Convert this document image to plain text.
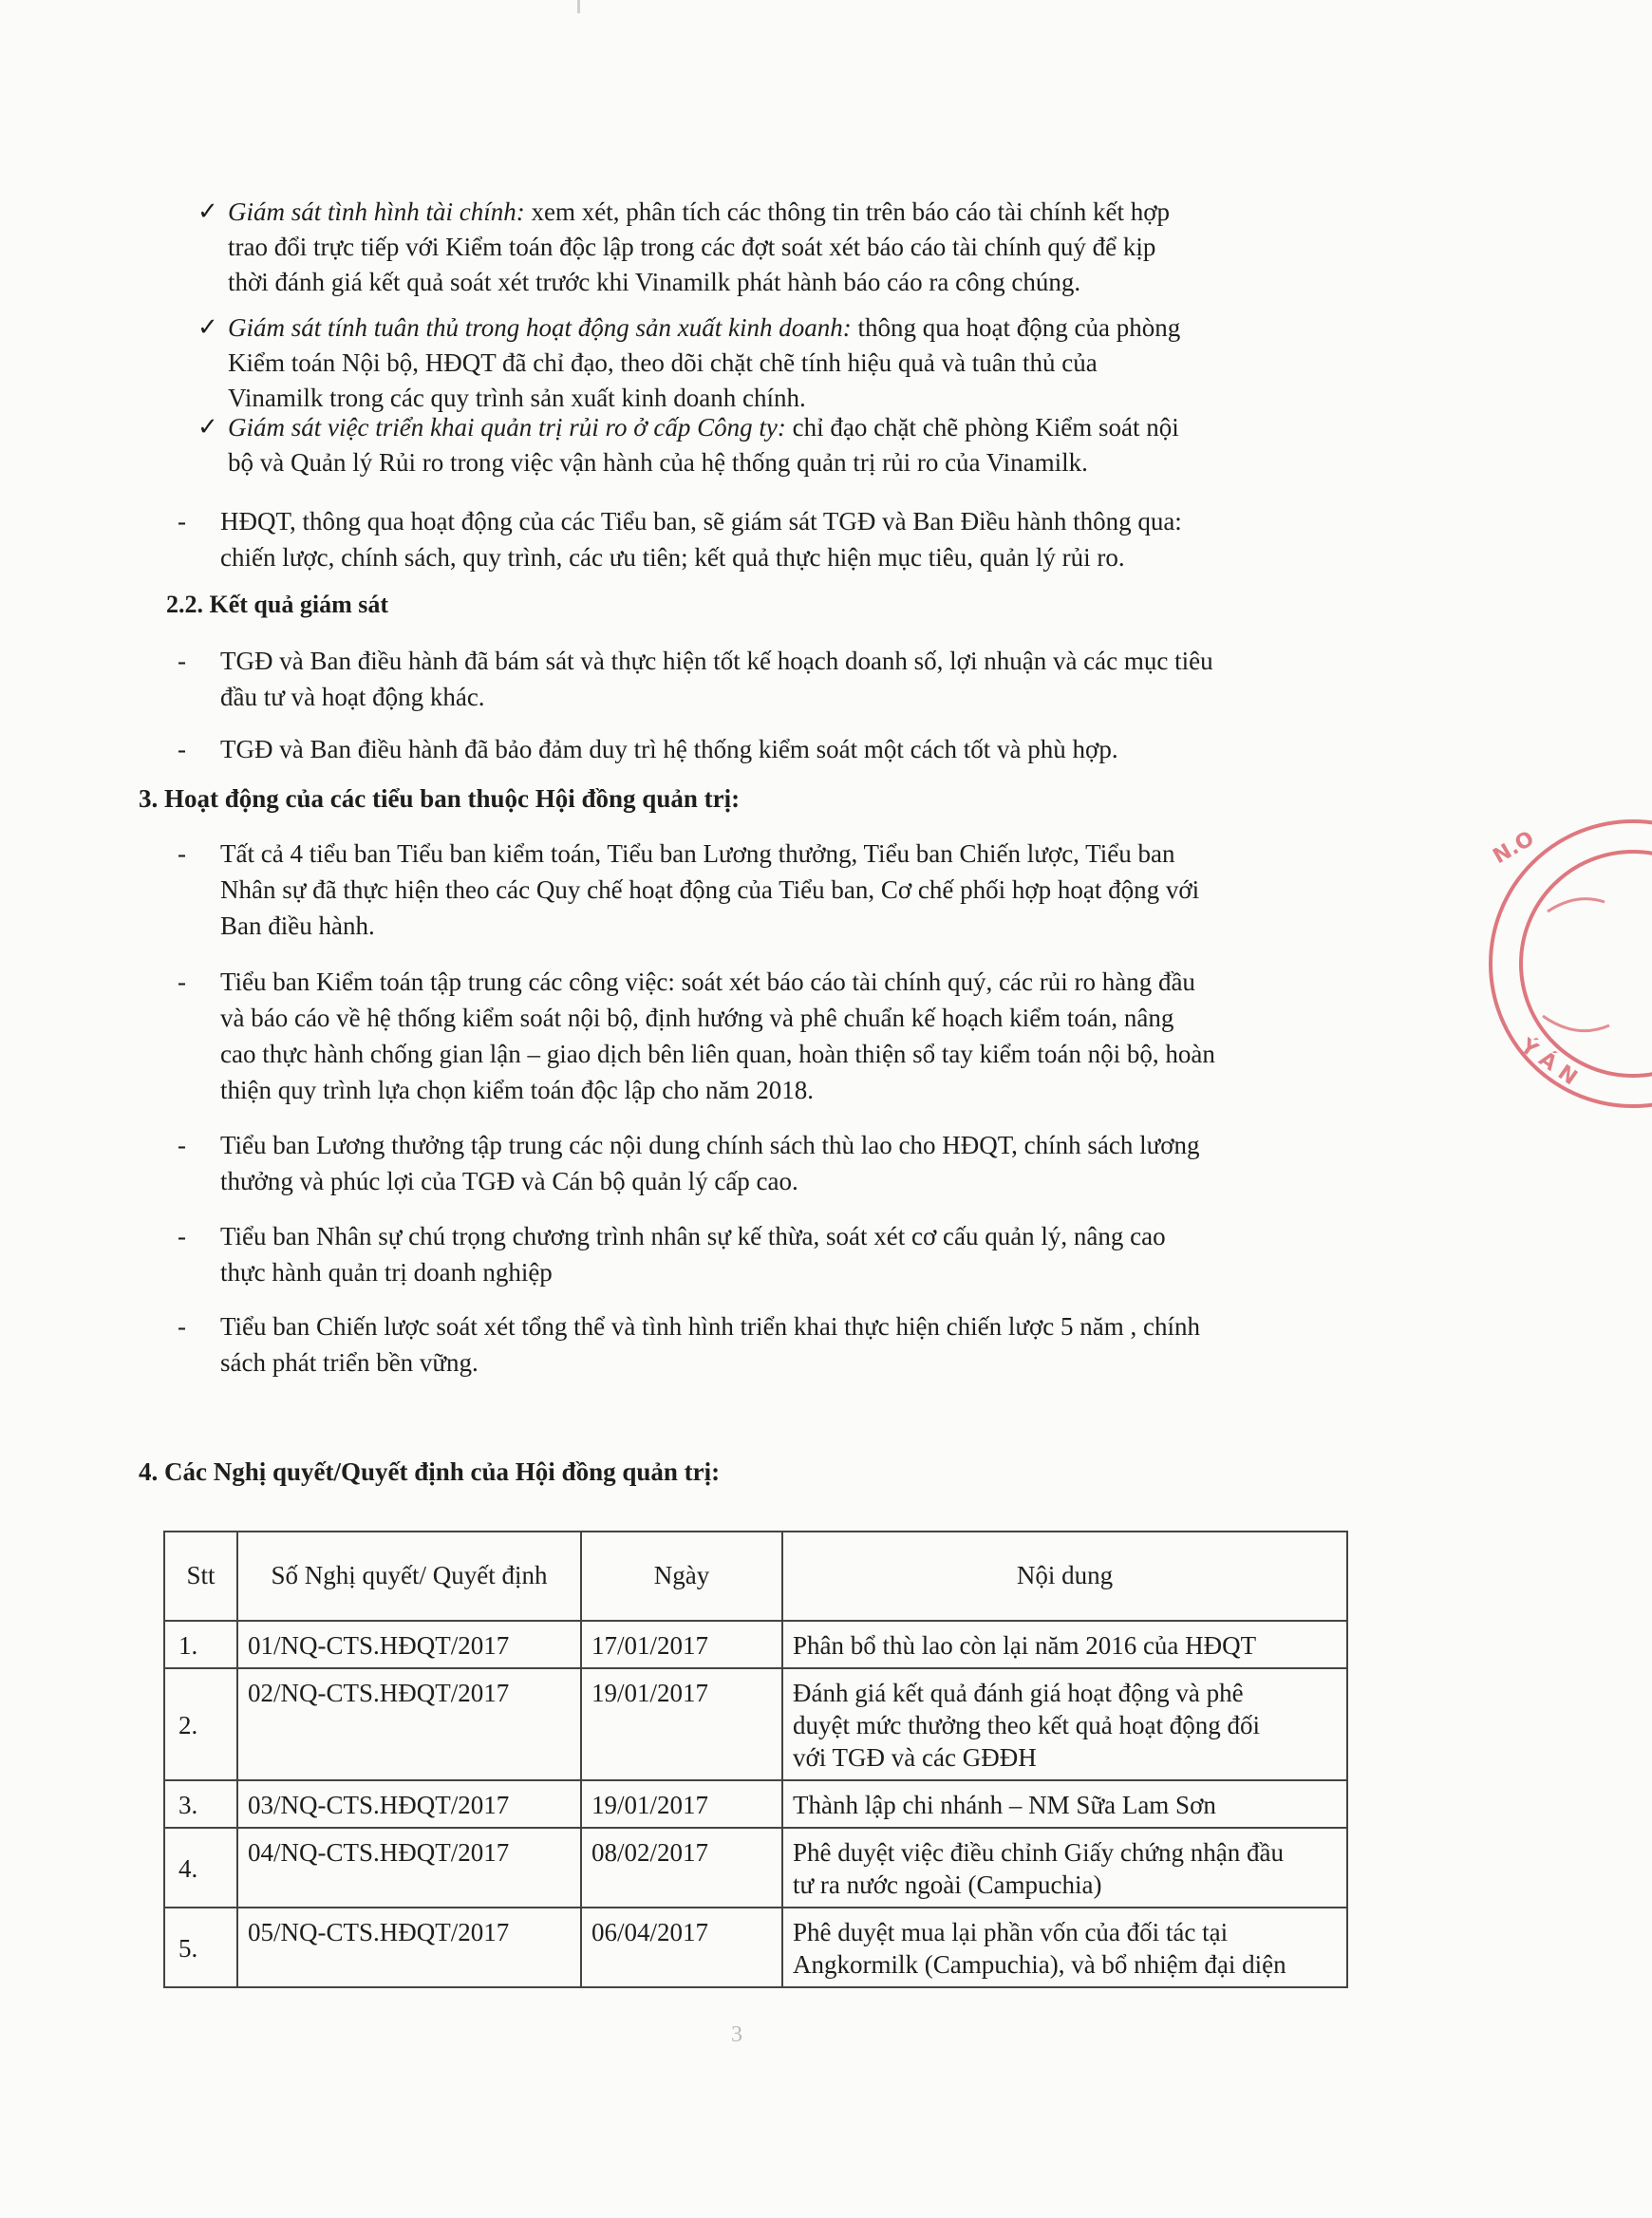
✓ Giám sát tình hình tài chính: xem xét, phân tích các thông tin trên báo cáo tài chính kết hợp
trao đổi trực tiếp với Kiểm toán độc lập trong các đợt soát xét báo cáo tài chính quý để kịp
thời đánh giá kết quả soát xét trước khi Vinamilk phát hành báo cáo ra công chúng.
✓ Giám sát tính tuân thủ trong hoạt động sản xuất kinh doanh: thông qua hoạt động của phòng
Kiểm toán Nội bộ, HĐQT đã chỉ đạo, theo dõi chặt chẽ tính hiệu quả và tuân thủ của
Vinamilk trong các quy trình sản xuất kinh doanh chính.
✓ Giám sát việc triển khai quản trị rủi ro ở cấp Công ty: chỉ đạo chặt chẽ phòng Kiểm soát nội
bộ và Quản lý Rủi ro trong việc vận hành của hệ thống quản trị rủi ro của Vinamilk.
- HĐQT, thông qua hoạt động của các Tiểu ban, sẽ giám sát TGĐ và Ban Điều hành thông qua:
chiến lược, chính sách, quy trình, các ưu tiên; kết quả thực hiện mục tiêu, quản lý rủi ro.
2.2. Kết quả giám sát
- TGĐ và Ban điều hành đã bám sát và thực hiện tốt kế hoạch doanh số, lợi nhuận và các mục tiêu
đầu tư và hoạt động khác.
- TGĐ và Ban điều hành đã bảo đảm duy trì hệ thống kiểm soát một cách tốt và phù hợp.
3. Hoạt động của các tiểu ban thuộc Hội đồng quản trị:
- Tất cả 4 tiểu ban Tiểu ban kiểm toán, Tiểu ban Lương thưởng, Tiểu ban Chiến lược, Tiểu ban
Nhân sự đã thực hiện theo các Quy chế hoạt động của Tiểu ban, Cơ chế phối hợp hoạt động với
Ban điều hành.
- Tiểu ban Kiểm toán tập trung các công việc: soát xét báo cáo tài chính quý, các rủi ro hàng đầu
và báo cáo về hệ thống kiểm soát nội bộ, định hướng và phê chuẩn kế hoạch kiểm toán, nâng
cao thực hành chống gian lận – giao dịch bên liên quan, hoàn thiện sổ tay kiểm toán nội bộ, hoàn
thiện quy trình lựa chọn kiểm toán độc lập cho năm 2018.
- Tiểu ban Lương thưởng tập trung các nội dung chính sách thù lao cho HĐQT, chính sách lương
thưởng và phúc lợi của TGĐ và Cán bộ quản lý cấp cao.
- Tiểu ban Nhân sự chú trọng chương trình nhân sự kế thừa, soát xét cơ cấu quản lý, nâng cao
thực hành quản trị doanh nghiệp
- Tiểu ban Chiến lược soát xét tổng thể và tình hình triển khai thực hiện chiến lược 5 năm , chính
sách phát triển bền vững.
4. Các Nghị quyết/Quyết định của Hội đồng quản trị:
Stt	Số Nghị quyết/ Quyết định	Ngày	Nội dung
1.	01/NQ-CTS.HĐQT/2017	17/01/2017	Phân bổ thù lao còn lại năm 2016 của HĐQT
2.	02/NQ-CTS.HĐQT/2017	19/01/2017	Đánh giá kết quả đánh giá hoạt động và phê
duyệt mức thưởng theo kết quả hoạt động đối
với TGĐ và các GĐĐH
3.	03/NQ-CTS.HĐQT/2017	19/01/2017	Thành lập chi nhánh – NM Sữa Lam Sơn
4.	04/NQ-CTS.HĐQT/2017	08/02/2017	Phê duyệt việc điều chỉnh Giấy chứng nhận đầu
tư ra nước ngoài (Campuchia)
5.	05/NQ-CTS.HĐQT/2017	06/04/2017	Phê duyệt mua lại phần vốn của đối tác tại
Angkormilk (Campuchia), và bổ nhiệm đại diện
3
N.O
Ý Á N
